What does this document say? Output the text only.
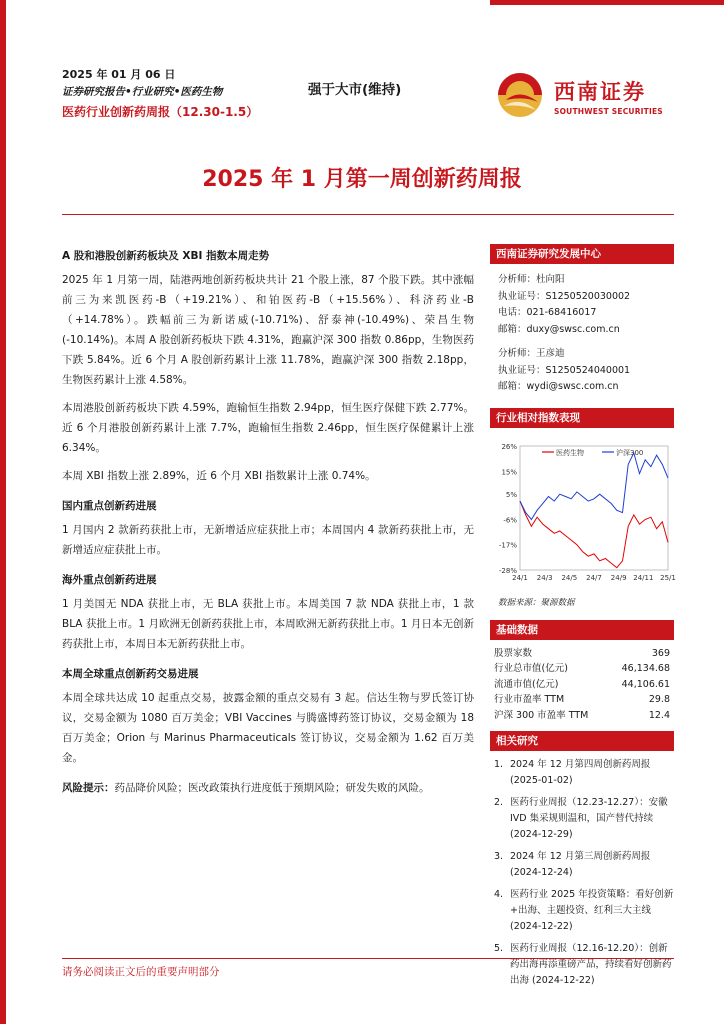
2025 年 01 月 06 日
证券研究报告•行业研究•医药生物
医药行业创新药周报（12.30-1.5）
强于大市(维持)	西南证券
SOUTHWEST SECURITIES
2025 年 1 月第一周创新药周报
A 股和港股创新药板块及 XBI 指数本周走势

2025 年 1 月第一周，陆港两地创新药板块共计 21 个股上涨，87 个股下跌。其中涨幅前三为来凯医药-B（+19.21%）、和铂医药-B（+15.56%）、科济药业-B（+14.78%）。跌幅前三为新诺威(-10.71%)、舒泰神(-10.49%)、荣昌生物(-10.14%)。本周 A 股创新药板块下跌 4.31%，跑赢沪深 300 指数 0.86pp，生物医药下跌 5.84%。近 6 个月 A 股创新药累计上涨 11.78%，跑赢沪深 300 指数 2.18pp，生物医药累计上涨 4.58%。

本周港股创新药板块下跌 4.59%，跑输恒生指数 2.94pp，恒生医疗保健下跌 2.77%。近 6 个月港股创新药累计上涨 7.7%，跑输恒生指数 2.46pp，恒生医疗保健累计上涨 6.34%。

本周 XBI 指数上涨 2.89%，近 6 个月 XBI 指数累计上涨 0.74%。

国内重点创新药进展

1 月国内 2 款新药获批上市，无新增适应症获批上市；本周国内 4 款新药获批上市，无新增适应症获批上市。

海外重点创新药进展

1 月美国无 NDA 获批上市，无 BLA 获批上市。本周美国 7 款 NDA 获批上市，1 款 BLA 获批上市。1 月欧洲无创新药获批上市，本周欧洲无新药获批上市。1 月日本无创新药获批上市，本周日本无新药获批上市。

本周全球重点创新药交易进展

本周全球共达成 10 起重点交易，披露金额的重点交易有 3 起。信达生物与罗氏签订协议，交易金额为 1080 百万美金；VBI Vaccines 与腾盛博药签订协议，交易金额为 18 百万美金；Orion 与 Marinus Pharmaceuticals 签订协议，交易金额为 1.62 百万美金。

风险提示：药品降价风险；医改政策执行进度低于预期风险；研发失败的风险。

西南证券研究发展中心
分析师：杜向阳
执业证号：S1250520030002
电话：021-68416017
邮箱：duxy@swsc.com.cn
分析师：王彦迪
执业证号：S1250524040001
邮箱：wydi@swsc.com.cn
行业相对指数表现
26%
15%
5%
-6%
-17%
-28%
24/1 24/3 24/5 24/7 24/9 24/11 25/1
医药生物	沪深300
数据来源：聚源数据
基础数据
股票家数	369
行业总市值(亿元)	46,134.68
流通市值(亿元)	44,106.61
行业市盈率 TTM	29.8
沪深 300 市盈率 TTM	12.4
相关研究
1. 2024 年 12 月第四周创新药周报 (2025-01-02)
2. 医药行业周报（12.23-12.27）：安徽 IVD 集采规则温和，国产替代持续 (2024-12-29)
3. 2024 年 12 月第三周创新药周报 (2024-12-24)
4. 医药行业 2025 年投资策略：看好创新+出海、主题投资、红利三大主线 (2024-12-22)
5. 医药行业周报（12.16-12.20）：创新药出海再添重磅产品，持续看好创新药出海 (2024-12-22)
请务必阅读正文后的重要声明部分
